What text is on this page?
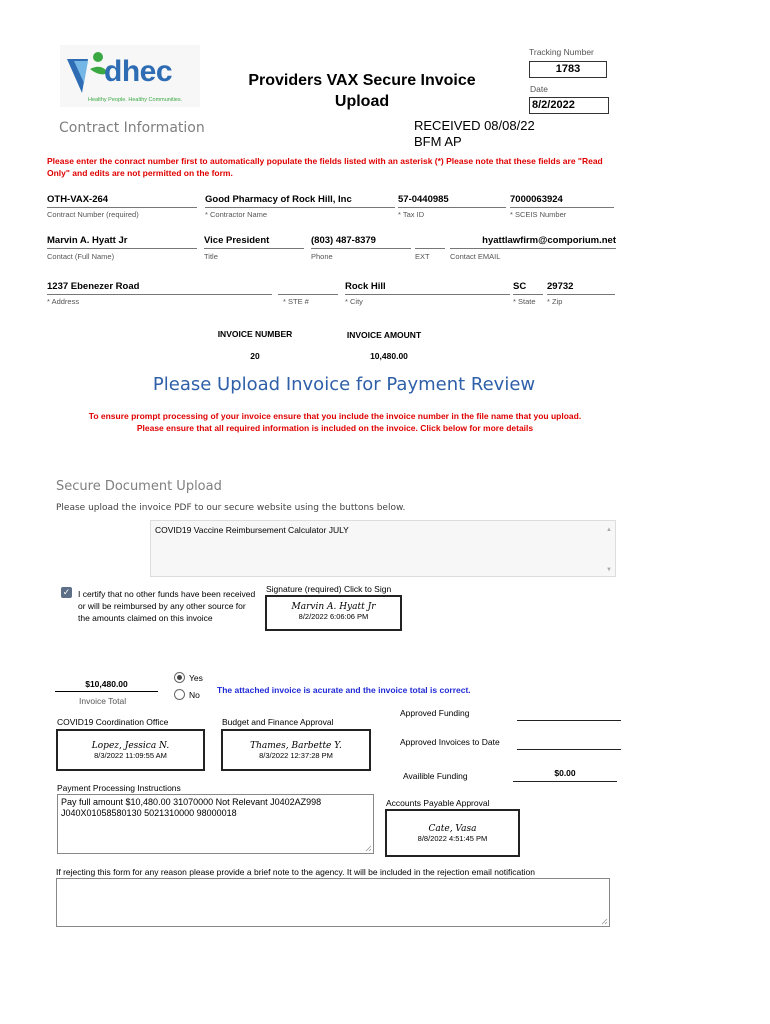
dhec
Healthy People. Healthy Communities.
Providers VAX Secure Invoice Upload
Tracking Number
1783
Date
8/2/2022
Contract Information	RECEIVED 08/08/22
BFM AP
Please enter the conract number first to automatically populate the fields listed with an asterisk (*) Please note that these fields are "Read Only" and edits are not permitted on the form.
OTH-VAX-264
Contract Number (required)
Good Pharmacy of Rock Hill, Inc
* Contractor Name
57-0440985
* Tax ID
7000063924
* SCEIS Number
Marvin A. Hyatt Jr
Contact (Full Name)
Vice President
Title
(803) 487-8379
Phone	EXT
hyattlawfirm@comporium.net
Contact EMAIL
1237 Ebenezer Road
* Address	* STE #
Rock Hill
* City
SC
* State
29732
* Zip
INVOICE NUMBER
20
INVOICE AMOUNT
10,480.00
Please Upload Invoice for Payment Review
To ensure prompt processing of your invoice ensure that you include the invoice number in the file name that you upload.
Please ensure that all required information is included on the invoice. Click below for more details
Secure Document Upload
Please upload the invoice PDF to our secure website using the buttons below.
COVID19 Vaccine Reimbursement Calculator JULY	▲
▼
✓ I certify that no other funds have been received or will be reimbursed by any other source for the amounts claimed on this invoice
Signature (required) Click to Sign
Marvin A. Hyatt Jr
8/2/2022 6:06:06 PM
$10,480.00
Invoice Total
Yes
No The attached invoice is acurate and the invoice total is correct.
Approved Funding
Approved Invoices to Date
Availible Funding	$0.00
COVID19 Coordination Office
Lopez, Jessica N.
8/3/2022 11:09:55 AM
Budget and Finance Approval
Thames, Barbette Y.
8/3/2022 12:37:28 PM
Payment Processing Instructions
Pay full amount $10,480.00 31070000 Not Relevant J0402AZ998
J040X01058580130 5021310000 98000018
Accounts Payable Approval
Cate, Vasa
8/8/2022 4:51:45 PM
If rejecting this form for any reason please provide a brief note to the agency. It will be included in the rejection email notification
